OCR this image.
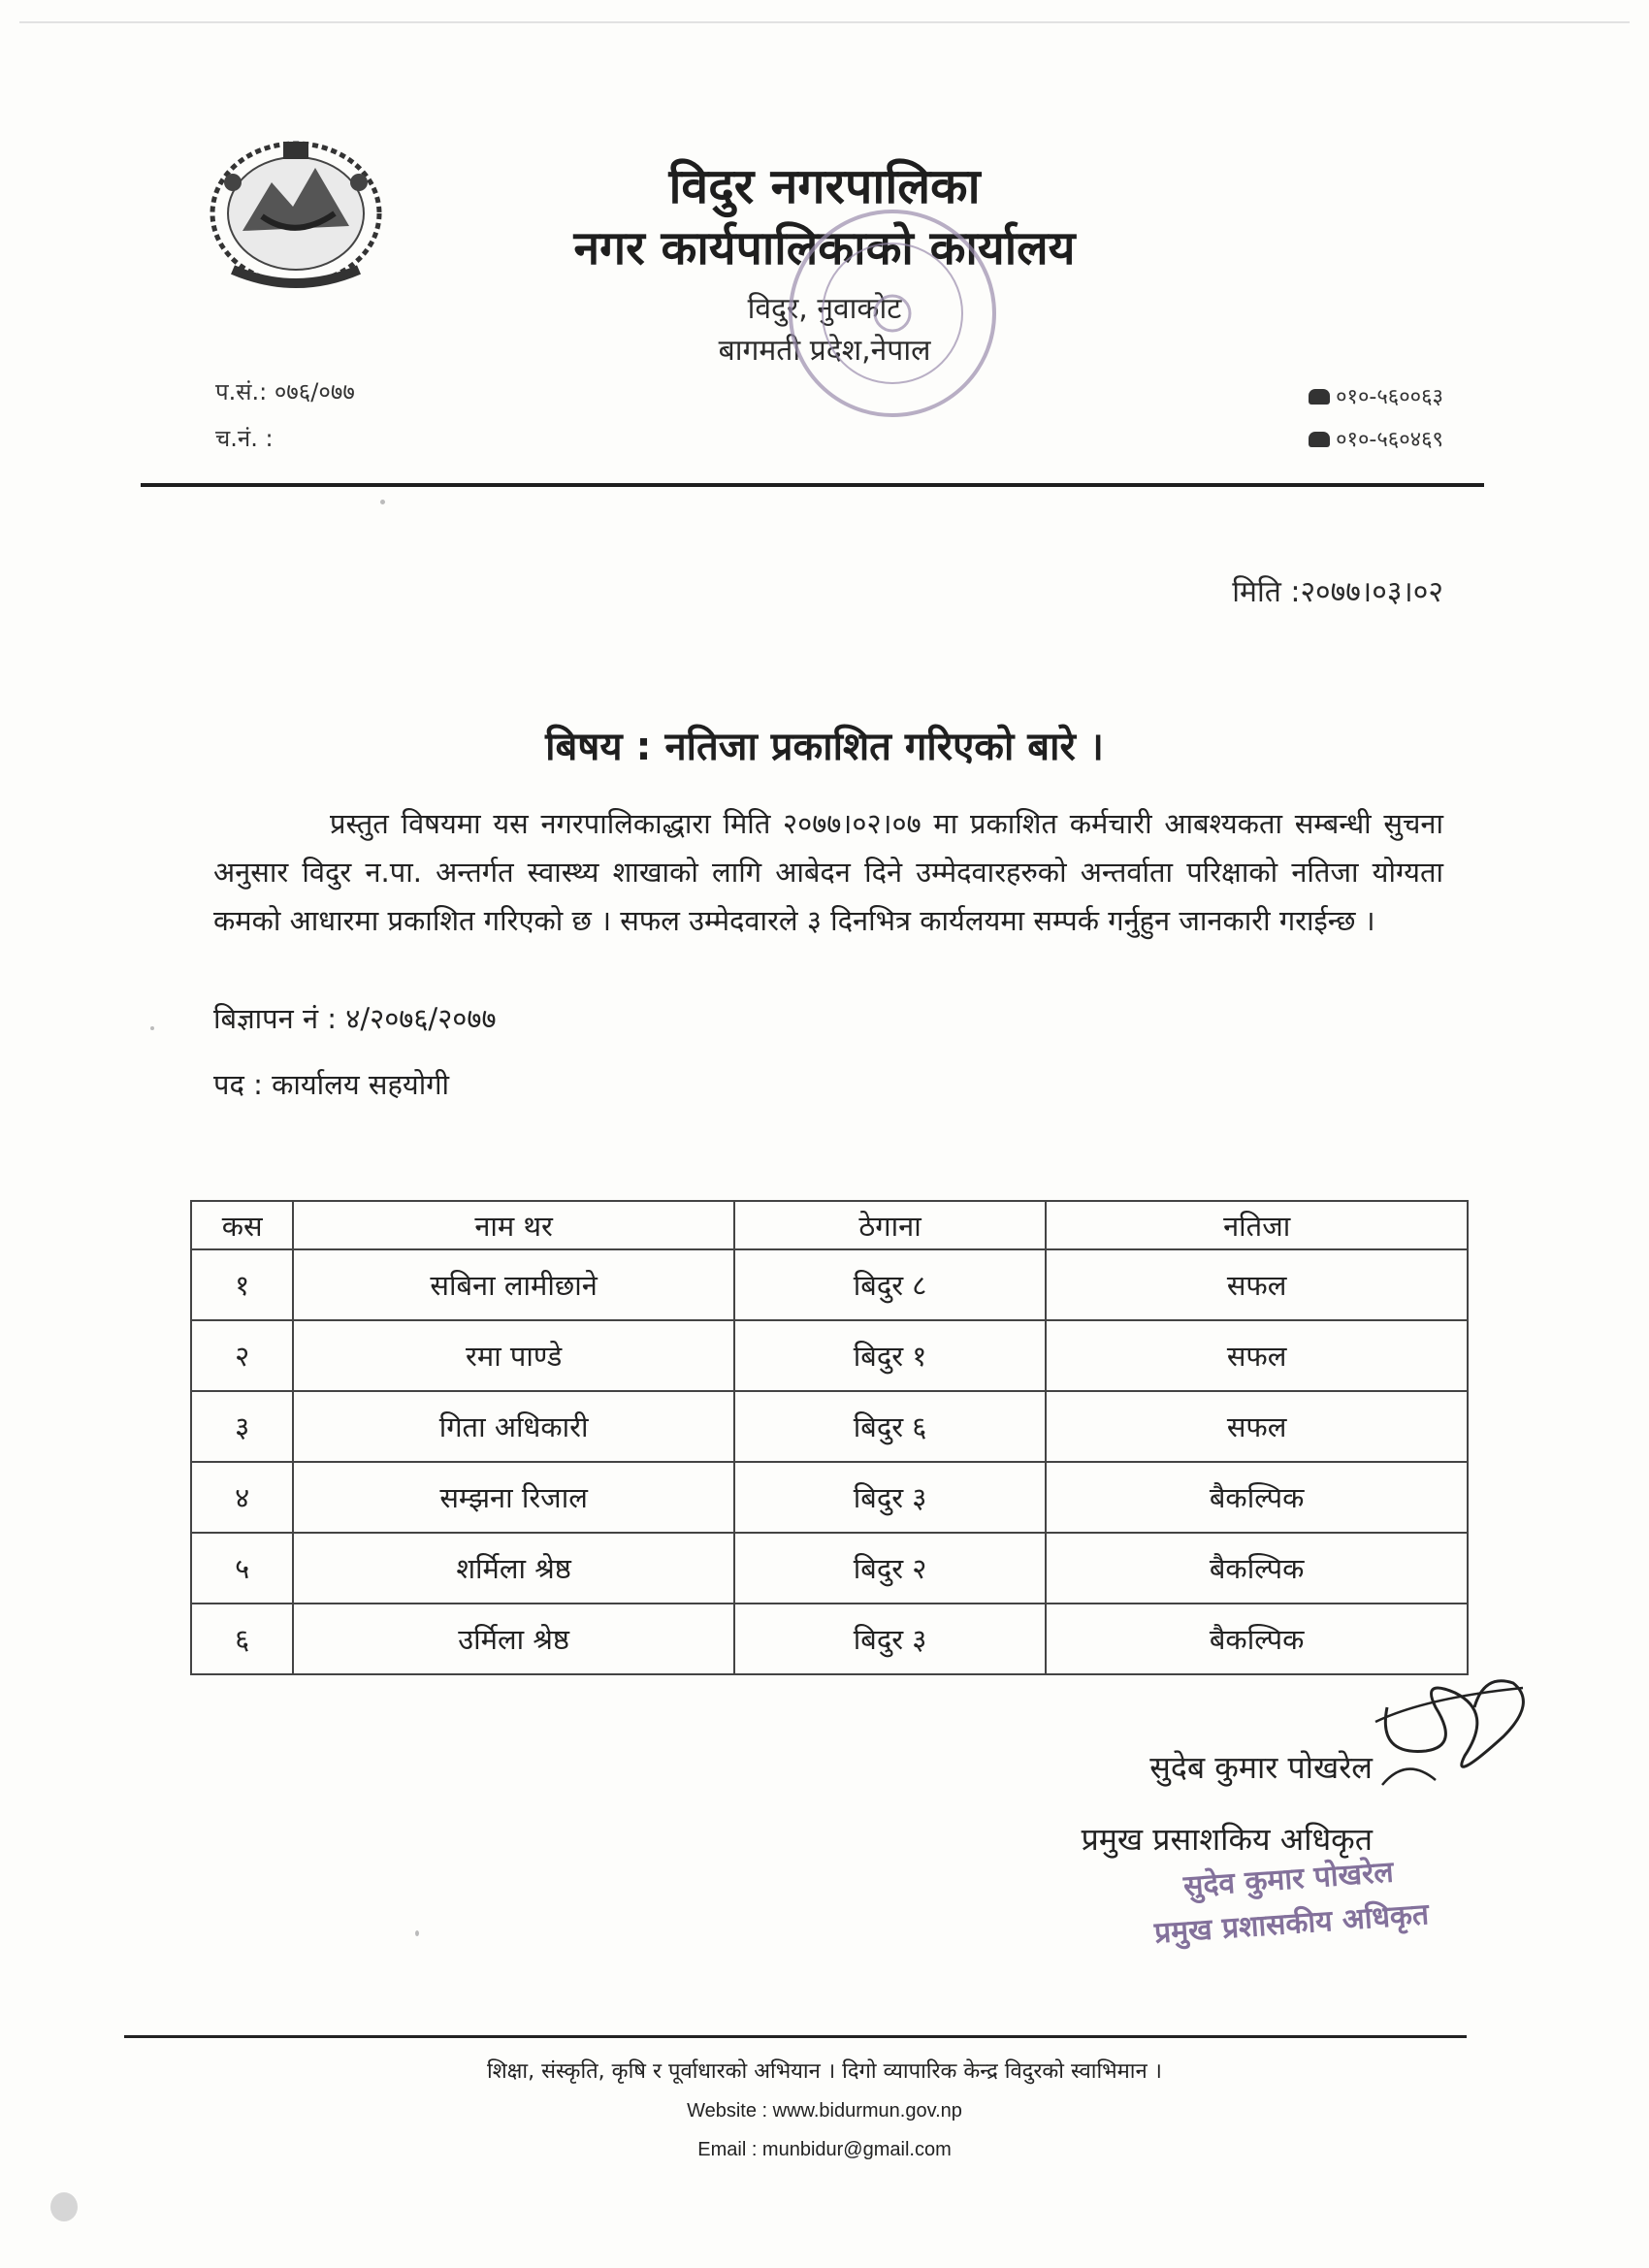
विदुर नगरपालिका

नगर कार्यपालिकाको कार्यालय

विदुर, नुवाकोट

बागमती प्रदेश,नेपाल

प.सं.: ०७६/०७७
च.नं. :
०१०-५६००६३
०१०-५६०४६९
मिति :२०७७।०३।०२
बिषय : नतिजा प्रकाशित गरिएको बारे ।

प्रस्तुत विषयमा यस नगरपालिकाद्धारा मिति २०७७।०२।०७ मा प्रकाशित कर्मचारी आबश्यकता सम्बन्धी सुचना अनुसार विदुर न.पा. अन्तर्गत स्वास्थ्य शाखाको लागि आबेदन दिने उम्मेदवारहरुको अन्तर्वाता परिक्षाको नतिजा योग्यता कमको आधारमा प्रकाशित गरिएको छ । सफल उम्मेदवारले ३ दिनभित्र कार्यलयमा सम्पर्क गर्नुहुन जानकारी गराईन्छ ।

बिज्ञापन नं : ४/२०७६/२०७७
पद : कार्यालय सहयोगी
कस	नाम थर	ठेगाना	नतिजा
१	सबिना लामीछाने	बिदुर ८	सफल
२	रमा पाण्डे	बिदुर १	सफल
३	गिता अधिकारी	बिदुर ६	सफल
४	सम्झना रिजाल	बिदुर ३	बैकल्पिक
५	शर्मिला श्रेष्ठ	बिदुर २	बैकल्पिक
६	उर्मिला श्रेष्ठ	बिदुर ३	बैकल्पिक

सुदेब कुमार पोखरेल

प्रमुख प्रसाशकिय अधिकृत

सुदेव कुमार पोखरेल
प्रमुख प्रशासकीय अधिकृत

शिक्षा, संस्कृति, कृषि र पूर्वाधारको अभियान । दिगो व्यापारिक केन्द्र विदुरको स्वाभिमान ।

Website : www.bidurmun.gov.np

Email : munbidur@gmail.com
